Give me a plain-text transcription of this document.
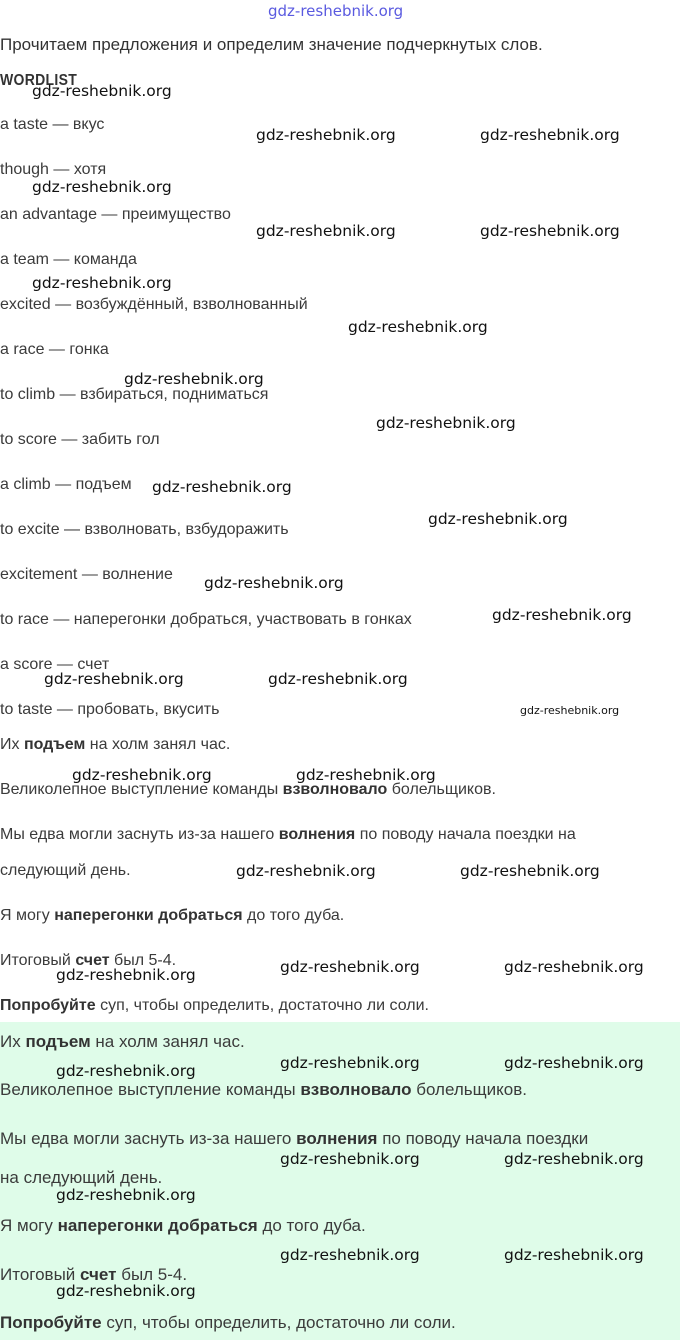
gdz-reshebnik.org
Прочитаем предложения и определим значение подчеркнутых слов.
WORDLIST
a taste — вкус
though — хотя
an advantage — преимущество
a team — команда
excited — возбуждённый, взволнованный
a race — гонка
to climb — взбираться, подниматься
to score — забить гол
a climb — подъем
to excite — взволновать, взбудоражить
excitement — волнение
to race — наперегонки добраться, участвовать в гонках
a score — счет
to taste — пробовать, вкусить
Их подъем на холм занял час.
Великолепное выступление команды взволновало болельщиков.
Мы едва могли заснуть из-за нашего волнения по поводу начала поездки на
следующий день.
Я могу наперегонки добраться до того дуба.
Итоговый счет был 5-4.
Попробуйте суп, чтобы определить, достаточно ли соли.
Их подъем на холм занял час.
Великолепное выступление команды взволновало болельщиков.
Мы едва могли заснуть из-за нашего волнения по поводу начала поездки
на следующий день.
Я могу наперегонки добраться до того дуба.
Итоговый счет был 5-4.
Попробуйте суп, чтобы определить, достаточно ли соли.
gdz-reshebnik.org
gdz-reshebnik.org	gdz-reshebnik.org
gdz-reshebnik.org
gdz-reshebnik.org	gdz-reshebnik.org
gdz-reshebnik.org
gdz-reshebnik.org
gdz-reshebnik.org
gdz-reshebnik.org
gdz-reshebnik.org
gdz-reshebnik.org
gdz-reshebnik.org
gdz-reshebnik.org
gdz-reshebnik.org	gdz-reshebnik.org
gdz-reshebnik.org
gdz-reshebnik.org	gdz-reshebnik.org
gdz-reshebnik.org	gdz-reshebnik.org
gdz-reshebnik.org	gdz-reshebnik.org	gdz-reshebnik.org
gdz-reshebnik.org	gdz-reshebnik.org	gdz-reshebnik.org
gdz-reshebnik.org
gdz-reshebnik.org	gdz-reshebnik.org
gdz-reshebnik.org	gdz-reshebnik.org
gdz-reshebnik.org
